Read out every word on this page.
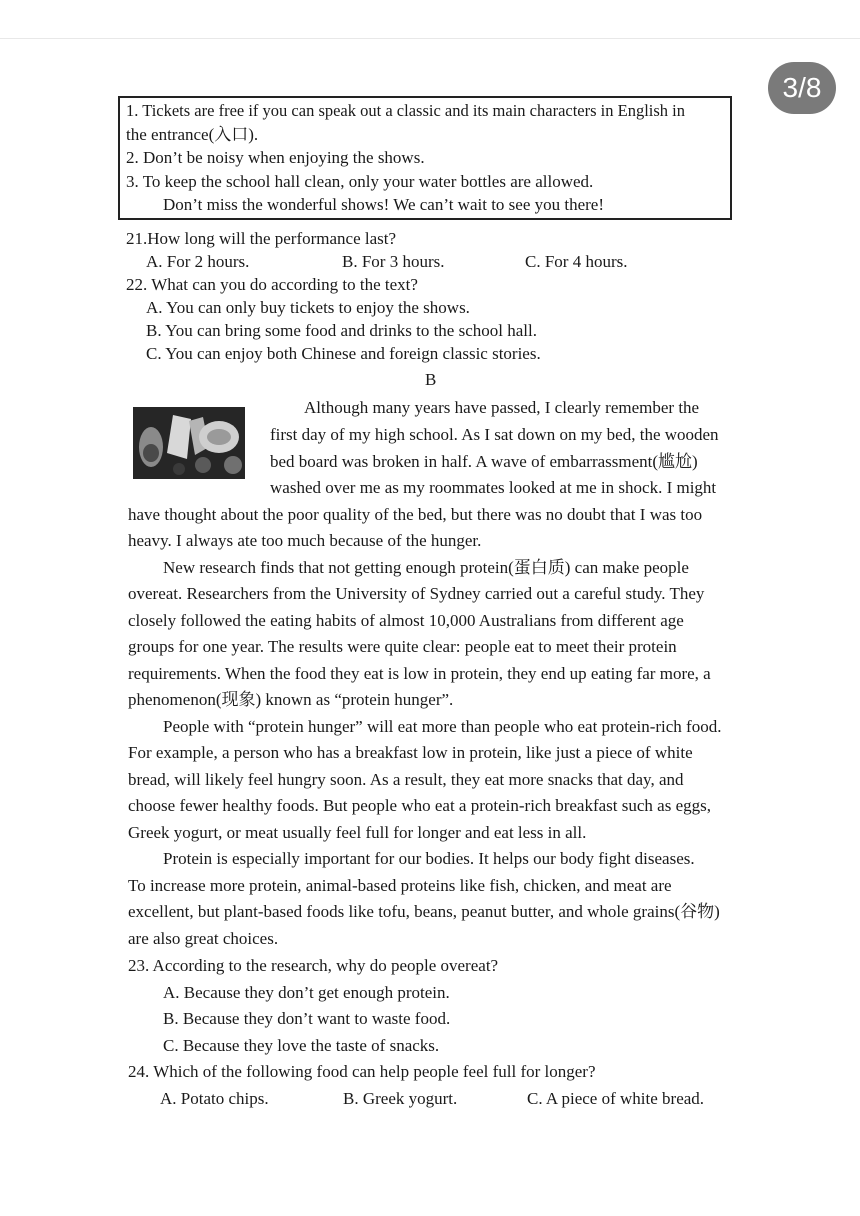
3/8
1. Tickets are free if you can speak out a classic and its main characters in English in
the entrance(入口).
2. Don’t be noisy when enjoying the shows.
3. To keep the school hall clean, only your water bottles are allowed.
Don’t miss the wonderful shows! We can’t wait to see you there!
21.How long will the performance last?
A. For 2 hours.	B. For 3 hours.	C. For 4 hours.
22. What can you do according to the text?
A. You can only buy tickets to enjoy the shows.
B. You can bring some food and drinks to the school hall.
C. You can enjoy both Chinese and foreign classic stories.
B
Although many years have passed, I clearly remember the
first day of my high school. As I sat down on my bed, the wooden
bed board was broken in half. A wave of embarrassment(尴尬)
washed over me as my roommates looked at me in shock. I might
have thought about the poor quality of the bed, but there was no doubt that I was too
heavy. I always ate too much because of the hunger.
New research finds that not getting enough protein(蛋白质) can make people
overeat. Researchers from the University of Sydney carried out a careful study. They
closely followed the eating habits of almost 10,000 Australians from different age
groups for one year. The results were quite clear: people eat to meet their protein
requirements. When the food they eat is low in protein, they end up eating far more, a
phenomenon(现象) known as “protein hunger”.
People with “protein hunger” will eat more than people who eat protein-rich food.
For example, a person who has a breakfast low in protein, like just a piece of white
bread, will likely feel hungry soon. As a result, they eat more snacks that day, and
choose fewer healthy foods. But people who eat a protein-rich breakfast such as eggs,
Greek yogurt, or meat usually feel full for longer and eat less in all.
Protein is especially important for our bodies. It helps our body fight diseases.
To increase more protein, animal-based proteins like fish, chicken, and meat are
excellent, but plant-based foods like tofu, beans, peanut butter, and whole grains(谷物)
are also great choices.
23. According to the research, why do people overeat?
A. Because they don’t get enough protein.
B. Because they don’t want to waste food.
C. Because they love the taste of snacks.
24. Which of the following food can help people feel full for longer?
A. Potato chips.	B. Greek yogurt.	C. A piece of white bread.
